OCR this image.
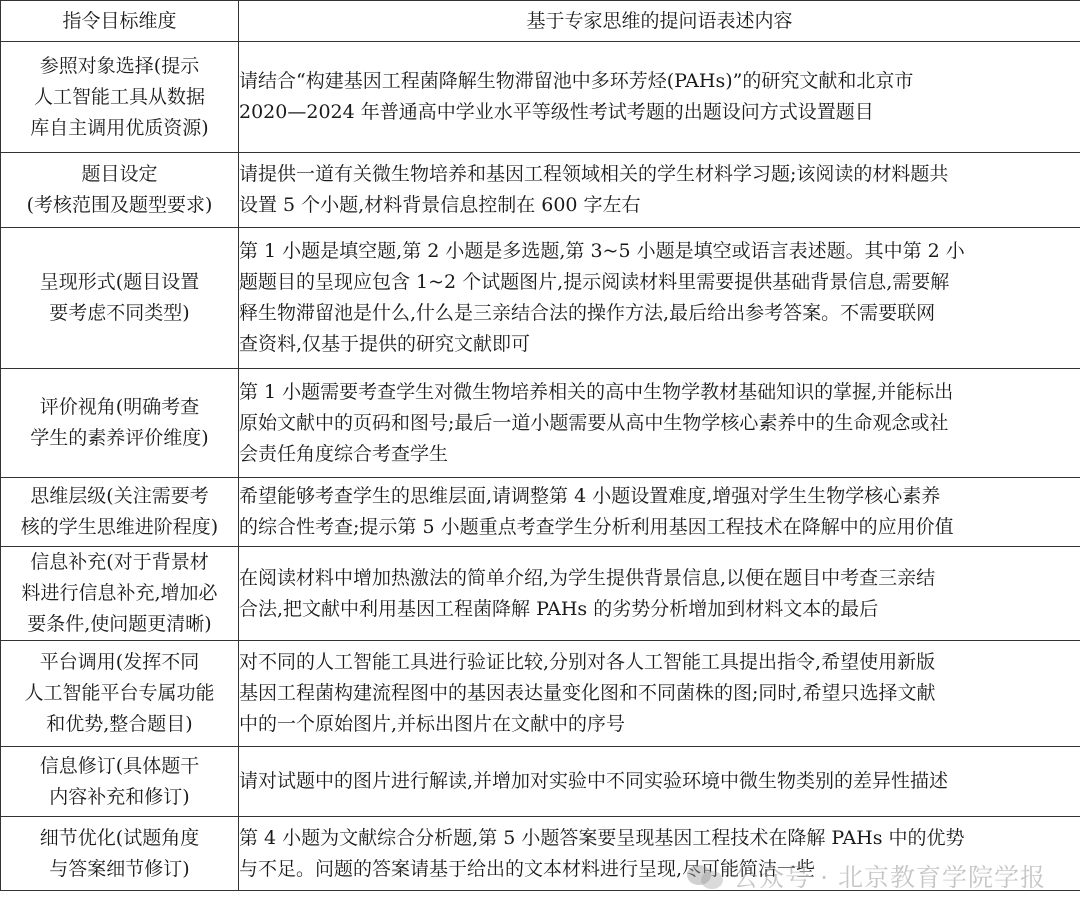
指令目标维度	基于专家思维的提问语表述内容

参照对象选择(提示
人工智能工具从数据
库自主调用优质资源)	请结合“构建基因工程菌降解生物滞留池中多环芳烃(PAHs)”的研究文献和北京市
2020—2024 年普通高中学业水平等级性考试考题的出题设问方式设置题目

题目设定
(考核范围及题型要求)	请提供一道有关微生物培养和基因工程领域相关的学生材料学习题;该阅读的材料题共
设置 5 个小题,材料背景信息控制在 600 字左右

呈现形式(题目设置
要考虑不同类型)	第 1 小题是填空题,第 2 小题是多选题,第 3~5 小题是填空或语言表述题。其中第 2 小
题题目的呈现应包含 1~2 个试题图片,提示阅读材料里需要提供基础背景信息,需要解
释生物滞留池是什么,什么是三亲结合法的操作方法,最后给出参考答案。不需要联网
查资料,仅基于提供的研究文献即可

评价视角(明确考查
学生的素养评价维度)	第 1 小题需要考查学生对微生物培养相关的高中生物学教材基础知识的掌握,并能标出
原始文献中的页码和图号;最后一道小题需要从高中生物学核心素养中的生命观念或社
会责任角度综合考查学生

思维层级(关注需要考
核的学生思维进阶程度)	希望能够考查学生的思维层面,请调整第 4 小题设置难度,增强对学生生物学核心素养
的综合性考查;提示第 5 小题重点考查学生分析利用基因工程技术在降解中的应用价值

信息补充(对于背景材
料进行信息补充,增加必
要条件,使问题更清晰)	在阅读材料中增加热激法的简单介绍,为学生提供背景信息,以便在题目中考查三亲结
合法,把文献中利用基因工程菌降解 PAHs 的劣势分析增加到材料文本的最后

平台调用(发挥不同
人工智能平台专属功能
和优势,整合题目)	对不同的人工智能工具进行验证比较,分别对各人工智能工具提出指令,希望使用新版
基因工程菌构建流程图中的基因表达量变化图和不同菌株的图;同时,希望只选择文献
中的一个原始图片,并标出图片在文献中的序号

信息修订(具体题干
内容补充和修订)	请对试题中的图片进行解读,并增加对实验中不同实验环境中微生物类别的差异性描述

细节优化(试题角度
与答案细节修订)	第 4 小题为文献综合分析题,第 5 小题答案要呈现基因工程技术在降解 PAHs 中的优势
与不足。问题的答案请基于给出的文本材料进行呈现,尽可能简洁一些
公众号 · 北京教育学院学报
